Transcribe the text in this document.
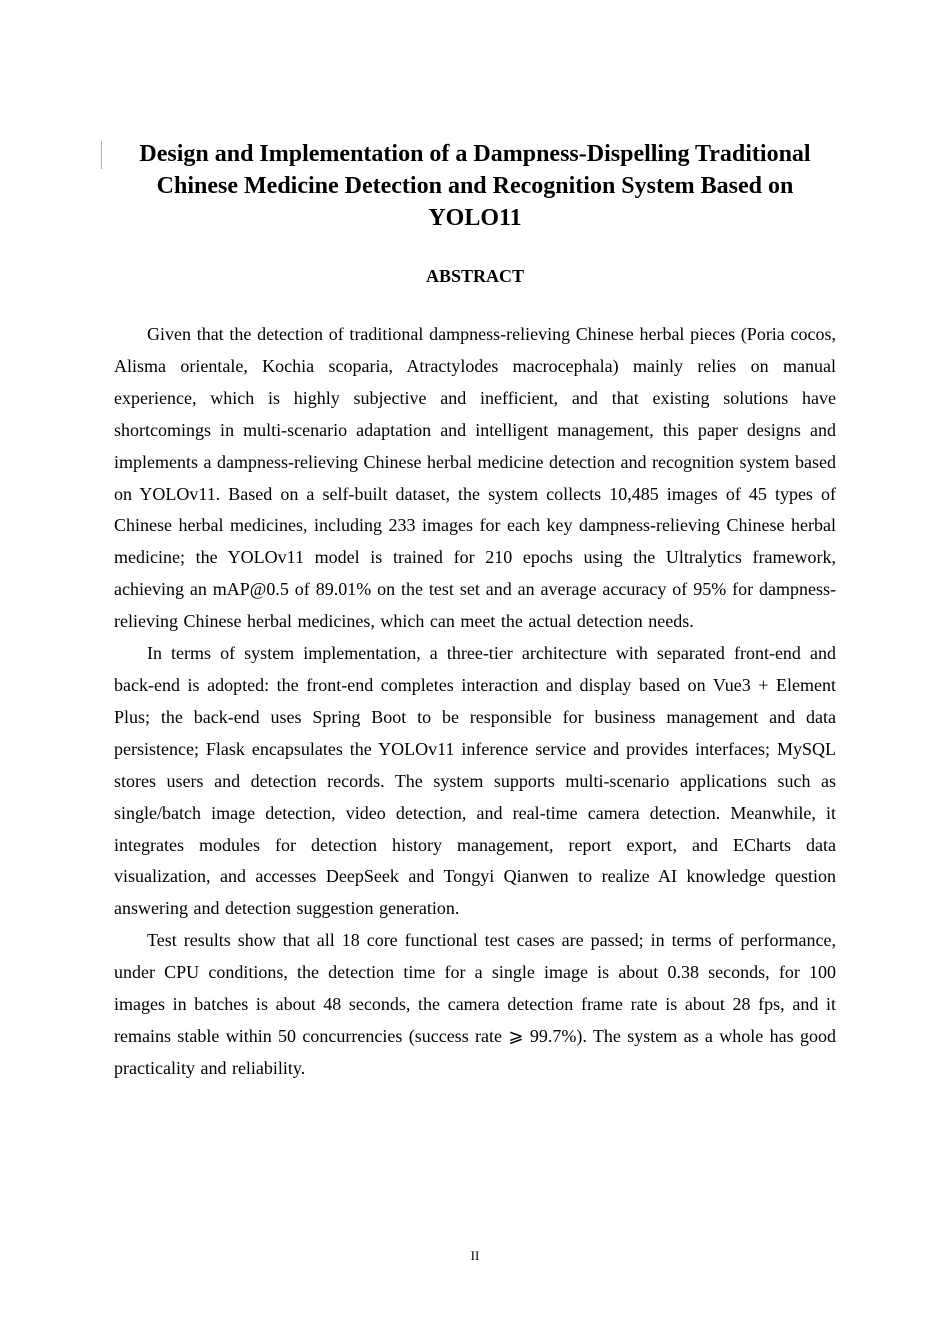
Design and Implementation of a Dampness-Dispelling Traditional Chinese Medicine Detection and Recognition System Based on YOLO11
ABSTRACT

Given that the detection of traditional dampness-relieving Chinese herbal pieces (Poria cocos, Alisma orientale, Kochia scoparia, Atractylodes macrocephala) mainly relies on manual experience, which is highly subjective and inefficient, and that existing solutions have shortcomings in multi-scenario adaptation and intelligent management, this paper designs and implements a dampness-relieving Chinese herbal medicine detection and recognition system based on YOLOv11. Based on a self-built dataset, the system collects 10,485 images of 45 types of Chinese herbal medicines, including 233 images for each key dampness-relieving Chinese herbal medicine; the YOLOv11 model is trained for 210 epochs using the Ultralytics framework, achieving an mAP@0.5 of 89.01% on the test set and an average accuracy of 95% for dampness-relieving Chinese herbal medicines, which can meet the actual detection needs.

In terms of system implementation, a three-tier architecture with separated front-end and back-end is adopted: the front-end completes interaction and display based on Vue3 + Element Plus; the back-end uses Spring Boot to be responsible for business management and data persistence; Flask encapsulates the YOLOv11 inference service and provides interfaces; MySQL stores users and detection records. The system supports multi-scenario applications such as single/batch image detection, video detection, and real-time camera detection. Meanwhile, it integrates modules for detection history management, report export, and ECharts data visualization, and accesses DeepSeek and Tongyi Qianwen to realize AI knowledge question answering and detection suggestion generation.

Test results show that all 18 core functional test cases are passed; in terms of performance, under CPU conditions, the detection time for a single image is about 0.38 seconds, for 100 images in batches is about 48 seconds, the camera detection frame rate is about 28 fps, and it remains stable within 50 concurrencies (success rate ⩾ 99.7%). The system as a whole has good practicality and reliability.

II
